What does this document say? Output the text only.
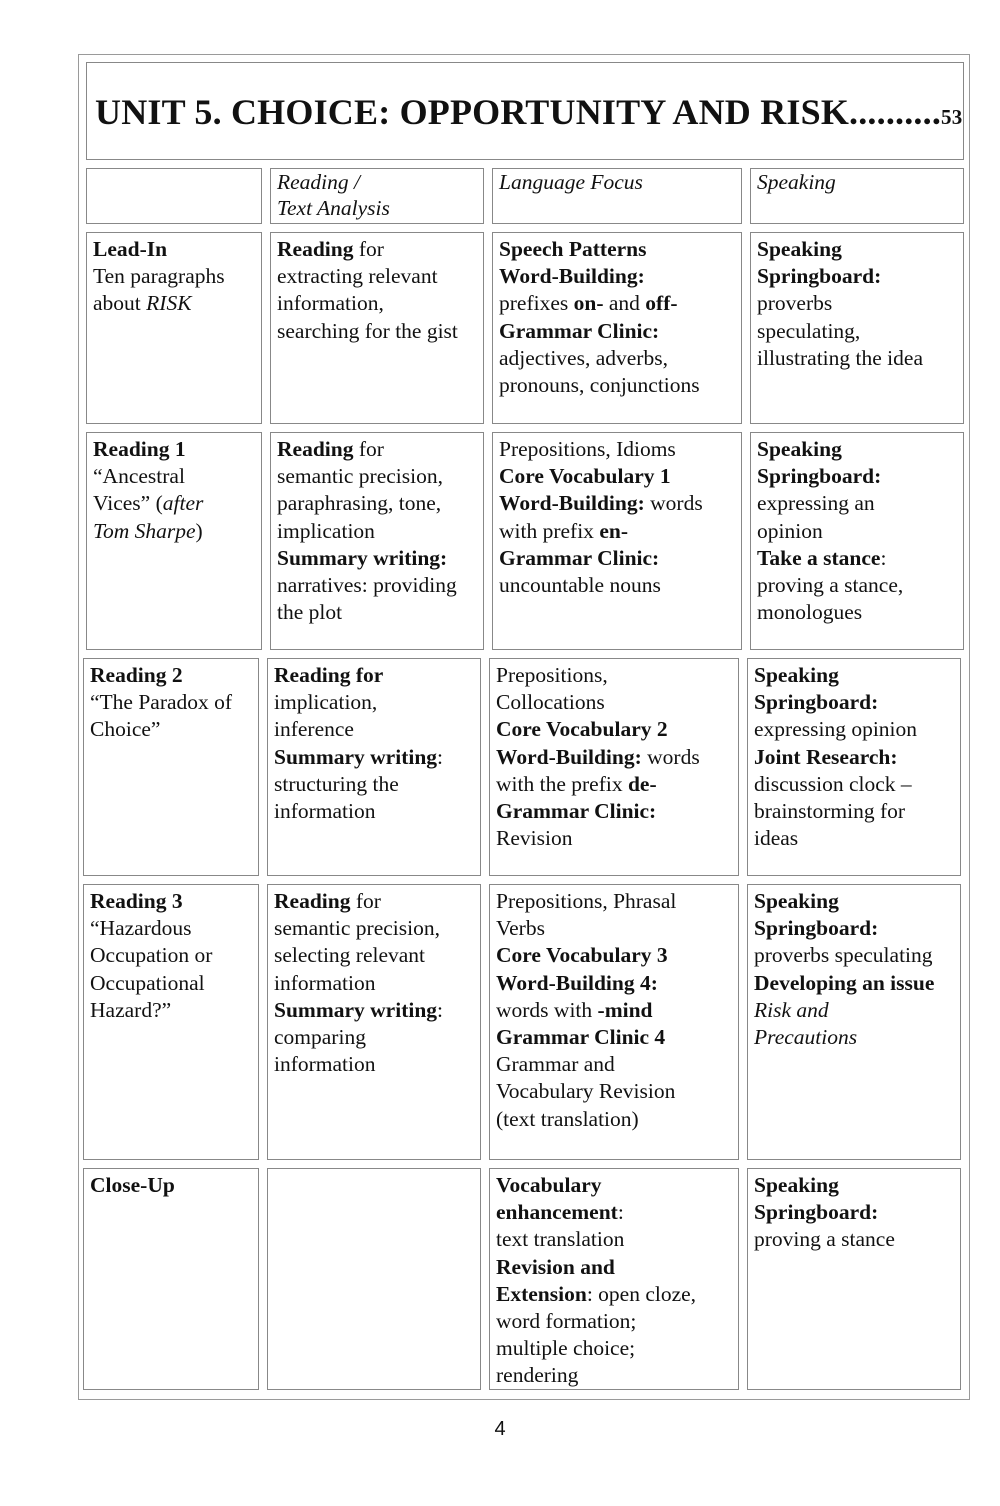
UNIT 5. CHOICE: OPPORTUNITY AND RISK..........53
Reading /
Text Analysis
Language Focus	Speaking
Lead-In
Ten paragraphs
about RISK
Reading for
extracting relevant
information,
searching for the gist
Speech Patterns
Word-Building:
prefixes on- and off-
Grammar Clinic:
adjectives, adverbs,
pronouns, conjunctions
Speaking
Springboard:
proverbs
speculating,
illustrating the idea
Reading 1
“Ancestral
Vices” (after
Tom Sharpe)
Reading for
semantic precision,
paraphrasing, tone,
implication
Summary writing:
narratives: providing
the plot
Prepositions, Idioms
Core Vocabulary 1
Word-Building: words
with prefix en-
Grammar Clinic:
uncountable nouns
Speaking
Springboard:
expressing an
opinion
Take a stance:
proving a stance,
monologues
Reading 2
“The Paradox of
Choice”
Reading for
implication,
inference
Summary writing:
structuring the
information
Prepositions,
Collocations
Core Vocabulary 2
Word-Building: words
with the prefix de-
Grammar Clinic:
Revision
Speaking
Springboard:
expressing opinion
Joint Research:
discussion clock –
brainstorming for
ideas
Reading 3
“Hazardous
Occupation or
Occupational
Hazard?”
Reading for
semantic precision,
selecting relevant
information
Summary writing:
comparing
information
Prepositions, Phrasal
Verbs
Core Vocabulary 3
Word-Building 4:
words with -mind
Grammar Clinic 4
Grammar and
Vocabulary Revision
(text translation)
Speaking
Springboard:
proverbs speculating
Developing an issue
Risk and
Precautions
Close-Up	Vocabulary
enhancement:
text translation
Revision and
Extension: open cloze,
word formation;
multiple choice;
rendering
Speaking
Springboard:
proving a stance
4
